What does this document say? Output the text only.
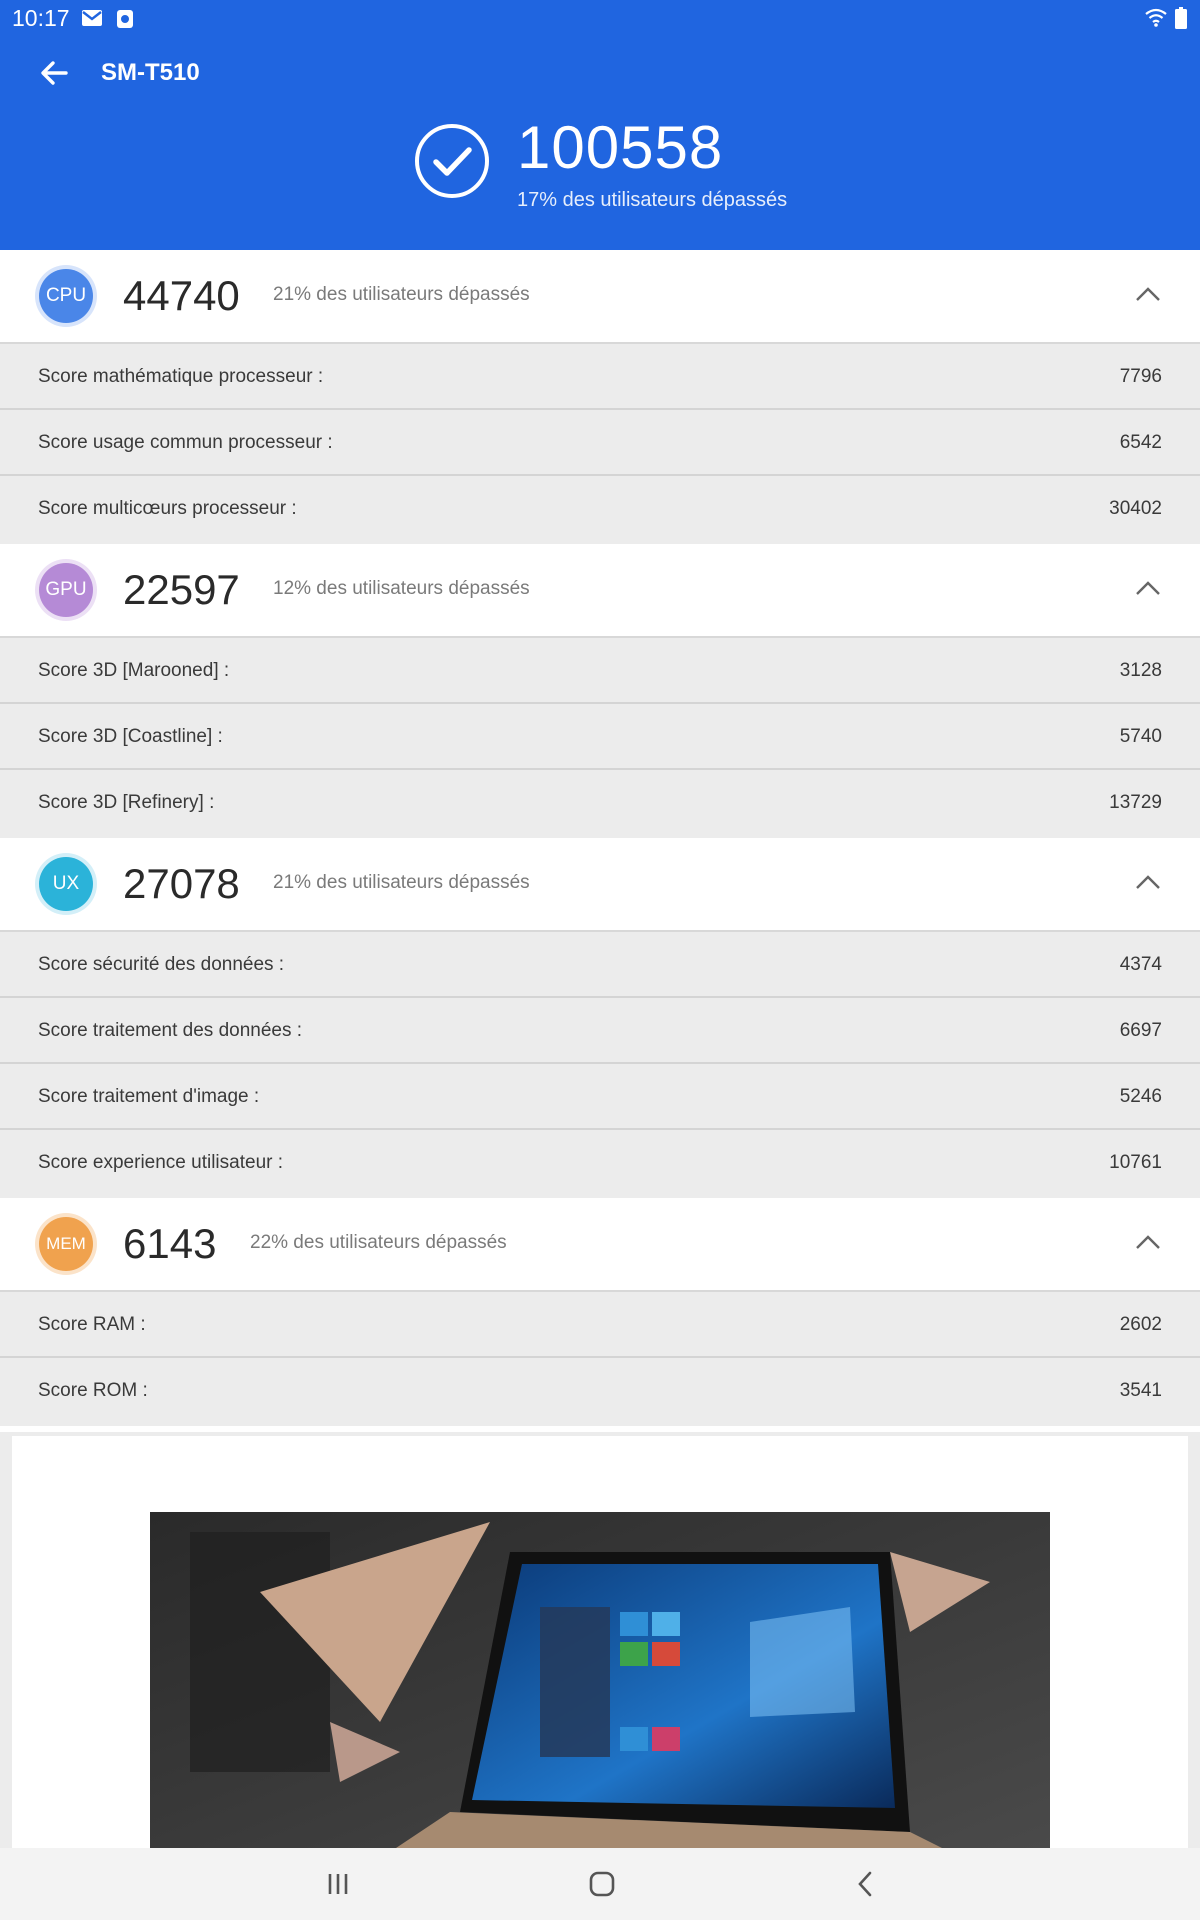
10:17
SM-T510
100558
17% des utilisateurs dépassés
CPU 44740 21% des utilisateurs dépassés
Score mathématique processeur :	7796
Score usage commun processeur :	6542
Score multicœurs processeur :	30402
GPU 22597 12% des utilisateurs dépassés
Score 3D [Marooned] :	3128
Score 3D [Coastline] :	5740
Score 3D [Refinery] :	13729
UX	27078 21% des utilisateurs dépassés
Score sécurité des données :	4374
Score traitement des données :	6697
Score traitement d'image :	5246
Score experience utilisateur :	10761
MEM 6143 22% des utilisateurs dépassés
Score RAM :	2602
Score ROM :	3541
